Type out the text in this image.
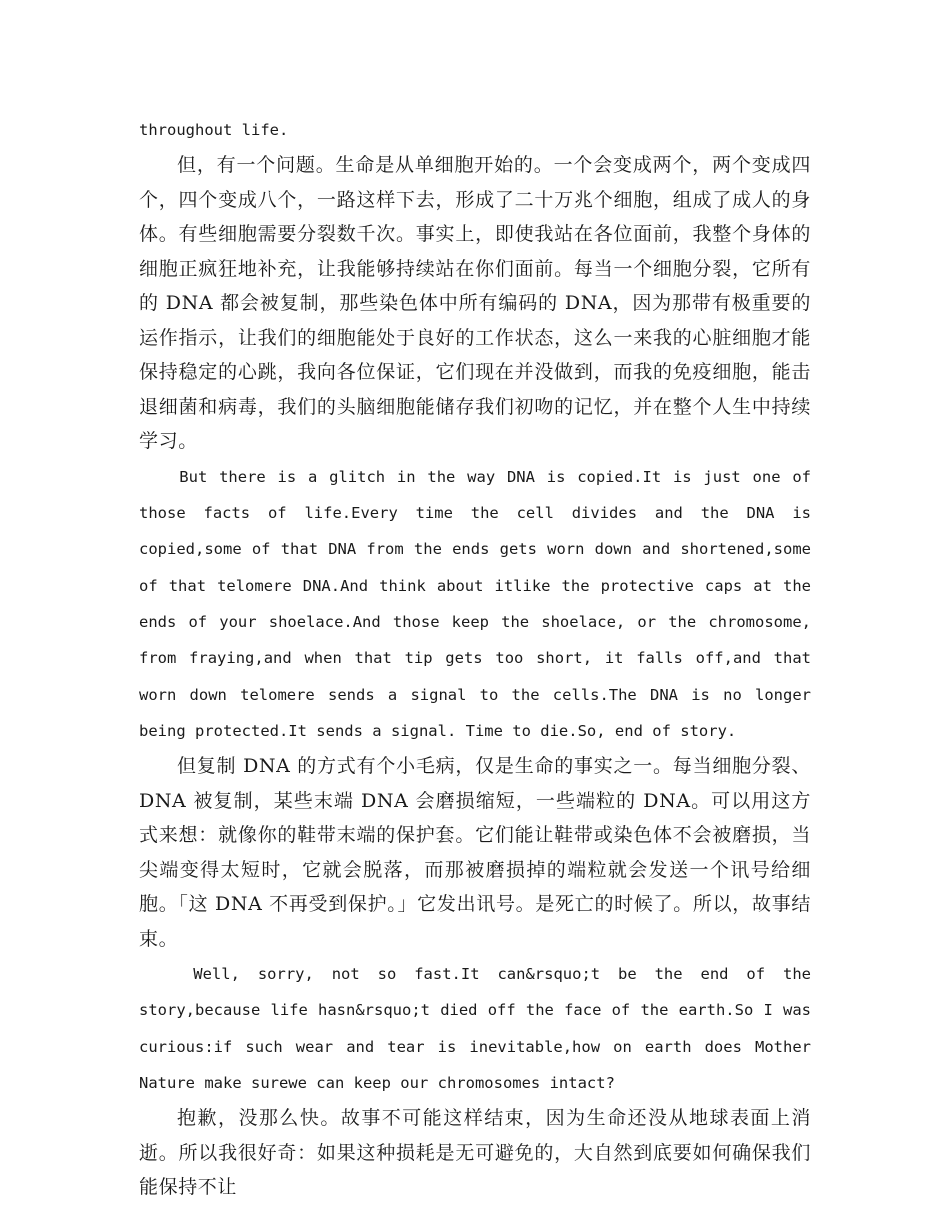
throughout life.

但，有一个问题。生命是从单细胞开始的。一个会变成两个，两个变成四个，四个变成八个，一路这样下去，形成了二十万兆个细胞，组成了成人的身体。有些细胞需要分裂数千次。事实上，即使我站在各位面前，我整个身体的细胞正疯狂地补充，让我能够持续站在你们面前。每当一个细胞分裂，它所有的 DNA 都会被复制，那些染色体中所有编码的 DNA，因为那带有极重要的运作指示，让我们的细胞能处于良好的工作状态，这么一来我的心脏细胞才能保持稳定的心跳，我向各位保证，它们现在并没做到，而我的免疫细胞，能击退细菌和病毒，我们的头脑细胞能储存我们初吻的记忆，并在整个人生中持续学习。

But there is a glitch in the way DNA is copied.It is just one of those facts of life.Every time the cell divides and the DNA is copied,some of that DNA from the ends gets worn down and shortened,some of that telomere DNA.And think about itlike the protective caps at the ends of your shoelace.And those keep the shoelace, or the chromosome, from fraying,and when that tip gets too short, it falls off,and that worn down telomere sends a signal to the cells.The DNA is no longer being protected.It sends a signal. Time to die.So, end of story.

但复制 DNA 的方式有个小毛病，仅是生命的事实之一。每当细胞分裂、DNA 被复制，某些末端 DNA 会磨损缩短，一些端粒的 DNA。可以用这方式来想：就像你的鞋带末端的保护套。它们能让鞋带或染色体不会被磨损，当尖端变得太短时，它就会脱落，而那被磨损掉的端粒就会发送一个讯号给细胞。「这 DNA 不再受到保护。」它发出讯号。是死亡的时候了。所以，故事结束。

Well, sorry, not so fast.It can&rsquo;t be the end of the story,because life hasn&rsquo;t died off the face of the earth.So I was curious:if such wear and tear is inevitable,how on earth does Mother Nature make surewe can keep our chromosomes intact?

抱歉，没那么快。故事不可能这样结束，因为生命还没从地球表面上消逝。所以我很好奇：如果这种损耗是无可避免的，大自然到底要如何确保我们能保持不让
